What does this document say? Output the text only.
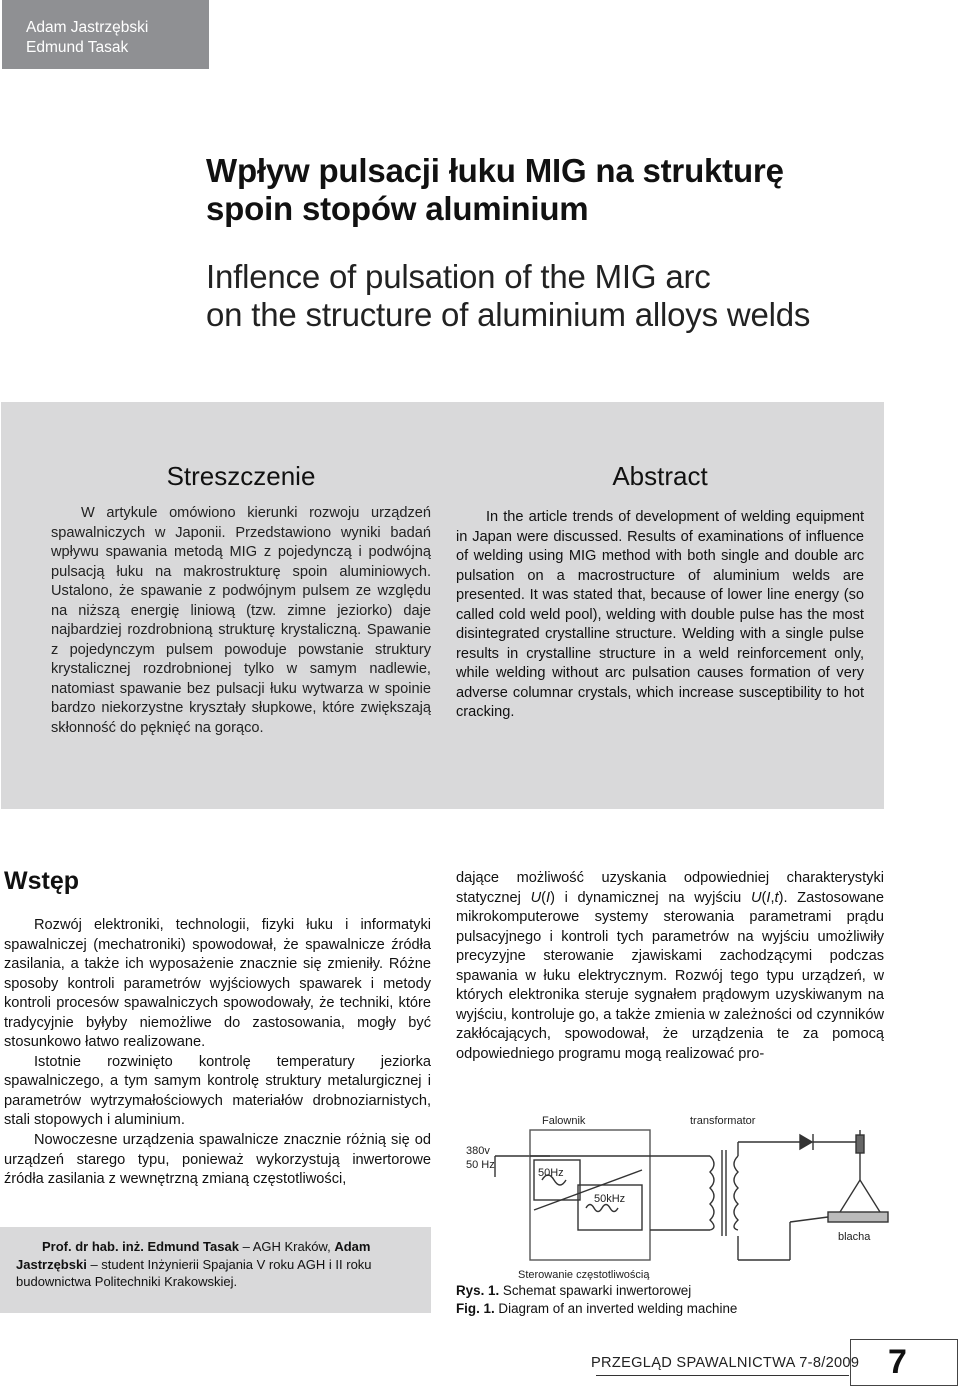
Adam Jastrzębski
Edmund Tasak
Wpływ pulsacji łuku MIG na strukturę
spoin stopów aluminium
Inflence of pulsation of the MIG arc
on the structure of aluminium alloys welds
Streszczenie
W artykule omówiono kierunki rozwoju urządzeń spawalniczych w Japonii. Przedstawiono wyniki badań wpływu spawania metodą MIG z pojedynczą i podwójną pulsacją łuku na makrostrukturę spoin aluminiowych. Ustalono, że spawanie z podwójnym pulsem ze względu na niższą energię liniową (tzw. zimne jeziorko) daje najbardziej rozdrobnioną strukturę krystaliczną. Spawanie z pojedynczym pulsem powoduje powstanie struktury krystalicznej rozdrobnionej tylko w samym nadlewie, natomiast spawanie bez pulsacji łuku wytwarza w spoinie bardzo niekorzystne kryształy słupkowe, które zwiększają skłonność do pęknięć na gorąco.
Abstract
In the article trends of development of welding equipment in Japan were discussed. Results of examinations of influence of welding using MIG method with both single and double arc pulsation on a macrostructure of aluminium welds are presented. It was stated that, because of lower line energy (so called cold weld pool), welding with double pulse has the most disintegrated crystalline structure. Welding with a single pulse results in crystalline structure in a weld reinforcement only, while welding without arc pulsation causes formation of very adverse columnar crystals, which increase susceptibility to hot cracking.
Wstęp

Rozwój elektroniki, technologii, fizyki łuku i informatyki spawalniczej (mechatroniki) spowodował, że spawalnicze źródła zasilania, a także ich wyposażenie znacznie się zmieniły. Różne sposoby kontroli parametrów wyjściowych spawarek i metody kontroli procesów spawalniczych spowodowały, że techniki, które tradycyjnie byłyby niemożliwe do zastosowania, mogły być stosunkowo łatwo realizowane.

Istotnie rozwinięto kontrolę temperatury jeziorka spawalniczego, a tym samym kontrolę struktury metalurgicznej i parametrów wytrzymałościowych materiałów drobnoziarnistych, stali stopowych i aluminium.

Nowoczesne urządzenia spawalnicze znacznie różnią się od urządzeń starego typu, ponieważ wykorzystują inwertorowe źródła zasilania z wewnętrzną zmianą częstotliwości,

dające możliwość uzyskania odpowiedniej charakterystyki statycznej U(I) i dynamicznej na wyjściu U(I,t). Zastosowane mikrokomputerowe systemy sterowania parametrami prądu pulsacyjnego i kontroli tych parametrów na wyjściu umożliwiły precyzyjne sterowanie zjawiskami zachodzącymi podczas spawania w łuku elektrycznym. Rozwój tego typu urządzeń, w których elektronika steruje sygnałem prądowym uzyskiwanym na wyjściu, kontroluje go, a także zmienia w zależności od czynników zakłócających, spowodował, że urządzenia te za pomocą odpowiedniego programu mogą realizować pro-

Falownik	transformator
380v
50 Hz
50Hz
50kHz
blacha
Sterowanie częstotliwością
Rys. 1. Schemat spawarki inwertorowej
Fig. 1. Diagram of an inverted welding machine
Prof. dr hab. inż. Edmund Tasak – AGH Kraków, Adam Jastrzębski – student Inżynierii Spajania V roku AGH i II roku budownictwa Politechniki Krakowskiej.
PRZEGLĄD SPAWALNICTWA 7-8/2009 7
